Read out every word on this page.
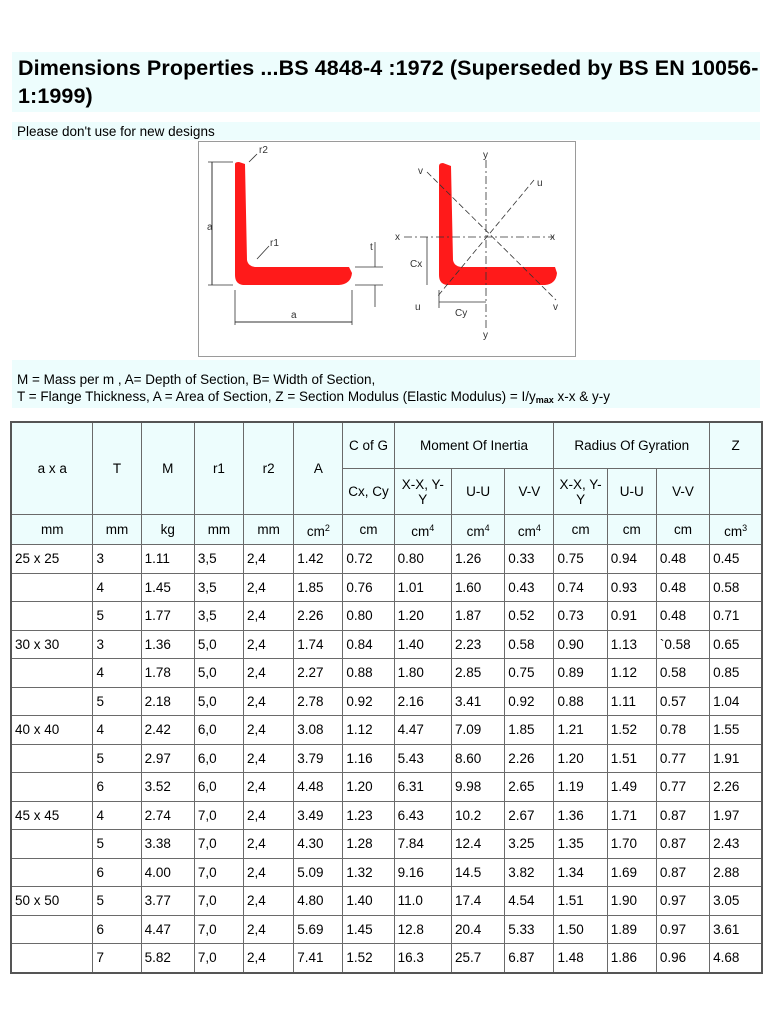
Dimensions Properties ...BS 4848-4 :1972 (Superseded by BS EN 10056-1:1999)
Please don't use for new designs
a
a
r2
r1	t
y
y
x	x
u
u
v
v
Cx
Cy
M = Mass per m , A= Depth of Section, B= Width of Section,
T = Flange Thickness, A = Area of Section, Z = Section Modulus (Elastic Modulus) = $I/y_{max}$ x-x & y-y
a x a	T	M	r1	r2	A	C of G	Moment Of Inertia			Radius Of Gyration			Z
						Cx, Cy	X-X, Y-Y	U-U	V-V	X-X, Y-Y	U-U	V-V	
mm	mm	kg	mm	mm	$cm^2$	cm	$cm^4$	$cm^4$	$cm^4$	cm	cm	cm	$cm^3$
25 x 25	3	1.11	3,5	2,4	1.42	0.72	0.80	1.26	0.33	0.75	0.94	0.48	0.45
	4	1.45	3,5	2,4	1.85	0.76	1.01	1.60	0.43	0.74	0.93	0.48	0.58
	5	1.77	3,5	2,4	2.26	0.80	1.20	1.87	0.52	0.73	0.91	0.48	0.71
30 x 30	3	1.36	5,0	2,4	1.74	0.84	1.40	2.23	0.58	0.90	1.13	`0.58	0.65
	4	1.78	5,0	2,4	2.27	0.88	1.80	2.85	0.75	0.89	1.12	0.58	0.85
	5	2.18	5,0	2,4	2.78	0.92	2.16	3.41	0.92	0.88	1.11	0.57	1.04
40 x 40	4	2.42	6,0	2,4	3.08	1.12	4.47	7.09	1.85	1.21	1.52	0.78	1.55
	5	2.97	6,0	2,4	3.79	1.16	5.43	8.60	2.26	1.20	1.51	0.77	1.91
	6	3.52	6,0	2,4	4.48	1.20	6.31	9.98	2.65	1.19	1.49	0.77	2.26
45 x 45	4	2.74	7,0	2,4	3.49	1.23	6.43	10.2	2.67	1.36	1.71	0.87	1.97
	5	3.38	7,0	2,4	4.30	1.28	7.84	12.4	3.25	1.35	1.70	0.87	2.43
	6	4.00	7,0	2,4	5.09	1.32	9.16	14.5	3.82	1.34	1.69	0.87	2.88
50 x 50	5	3.77	7,0	2,4	4.80	1.40	11.0	17.4	4.54	1.51	1.90	0.97	3.05
	6	4.47	7,0	2,4	5.69	1.45	12.8	20.4	5.33	1.50	1.89	0.97	3.61
	7	5.82	7,0	2,4	7.41	1.52	16.3	25.7	6.87	1.48	1.86	0.96	4.68
